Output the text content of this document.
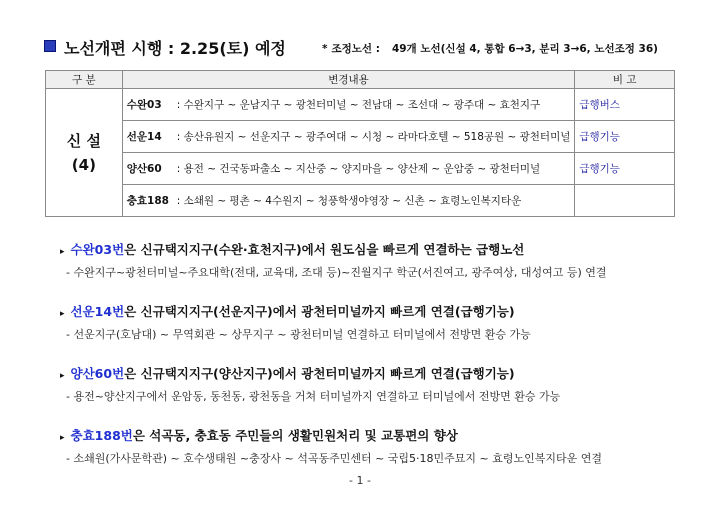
노선개편 시행 : 2.25(토) 예정	* 조정노선 : 49개 노선(신설 4, 통합 6→3, 분리 3→6, 노선조정 36)
구 분	변경내용	비 고

신 설
(4)	수완03 : 수완지구 ~ 운남지구 ~ 광천터미널 ~ 전남대 ~ 조선대 ~ 광주대 ~ 효천지구	급행버스
	선운14 : 송산유원지 ~ 선운지구 ~ 광주여대 ~ 시청 ~ 라마다호텔 ~ 518공원 ~ 광천터미널	급행기능
	양산60 : 용전 ~ 건국동파출소 ~ 지산중 ~ 양지마을 ~ 양산제 ~ 운암중 ~ 광천터미널	급행기능
	충효188 : 소쇄원 ~ 평촌 ~ 4수원지 ~ 청풍학생야영장 ~ 신촌 ~ 효령노인복지타운	
▸ 수완03번은 신규택지지구(수완·효천지구)에서 원도심을 빠르게 연결하는 급행노선
- 수완지구~광천터미널~주요대학(전대, 교육대, 조대 등)~진월지구 학군(서진여고, 광주여상, 대성여고 등) 연결
▸ 선운14번은 신규택지지구(선운지구)에서 광천터미널까지 빠르게 연결(급행기능)
- 선운지구(호남대) ~ 무역회관 ~ 상무지구 ~ 광천터미널 연결하고 터미널에서 전방면 환승 가능
▸ 양산60번은 신규택지지구(양산지구)에서 광천터미널까지 빠르게 연결(급행기능)
- 용전~양산지구에서 운암동, 동천동, 광천동을 거쳐 터미널까지 연결하고 터미널에서 전방면 환승 가능
▸ 충효188번은 석곡동, 충효동 주민들의 생활민원처리 및 교통편의 향상
- 소쇄원(가사문학관) ~ 호수생태원 ~충장사 ~ 석곡동주민센터 ~ 국립5·18민주묘지 ~ 효령노인복지타운 연결
- 1 -
